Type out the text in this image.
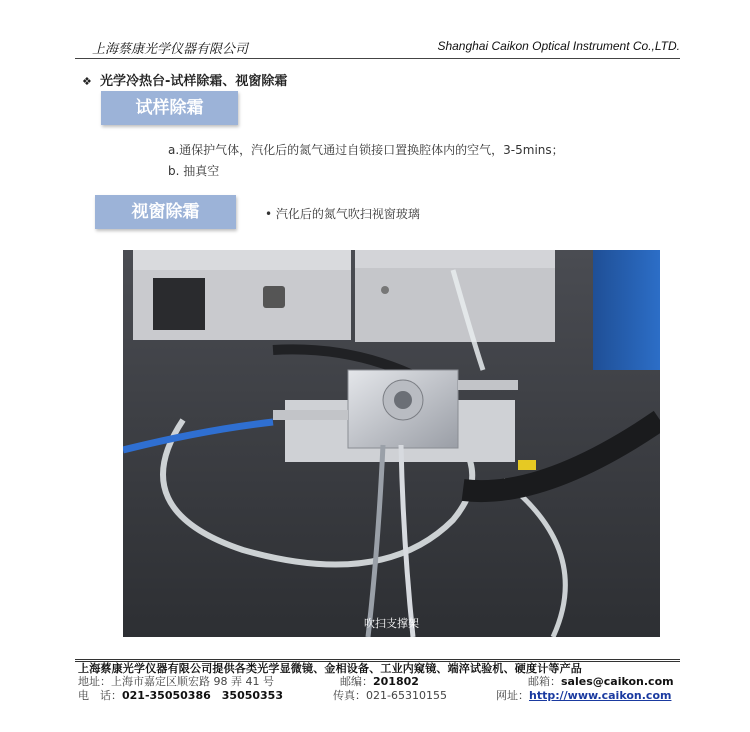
上海蔡康光学仪器有限公司	Shanghai Caikon Optical Instrument Co.,LTD.
❖ 光学冷热台-试样除霜、视窗除霜
试样除霜
a.通保护气体，汽化后的氮气通过自锁接口置换腔体内的空气，3-5mins；
b. 抽真空
视窗除霜	• 汽化后的氮气吹扫视窗玻璃
吹扫支撑架
上海蔡康光学仪器有限公司提供各类光学显微镜、金相设备、工业内窥镜、端淬试验机、硬度计等产品
地址：上海市嘉定区顺宏路 98 弄 41 号	邮编：201802	邮箱：sales@caikon.com
电　话：021-35050386　35050353	传真：021-65310155	网址：http://www.caikon.com
